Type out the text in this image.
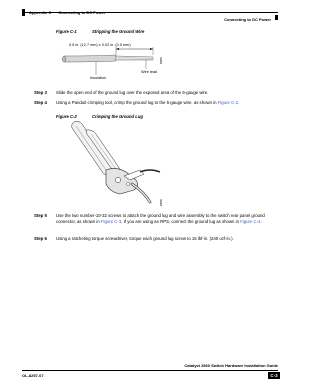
Connecting to DC Power
Figure C-1	Stripping the Ground Wire
0.5 in. (12.7 mm) ± 0.02 in. (0.5 mm)
Wire lead
Insulation
60555
Step 3 Slide the open end of the ground lug over the exposed area of the 6-gauge wire.
Step 4 Using a Panduit crimping tool, crimp the ground lug to the 6-gauge wire, as shown in Figure C-2.
Figure C-2	Crimping the Ground Lug
60556
Step 5 Use the two number-10-32 screws to attach the ground lug and wire assembly to the switch rear panel ground connector, as shown in Figure C-3. If you are using an RPS, connect the ground lug as shown in Figure C-4.
Step 6 Using a ratcheting torque screwdriver, torque each ground lug screw to 15 lbf-in. (240 ozf-in.).
Catalyst 2960 Switch Hardware Installation Guide
OL-8257-07	C-3
